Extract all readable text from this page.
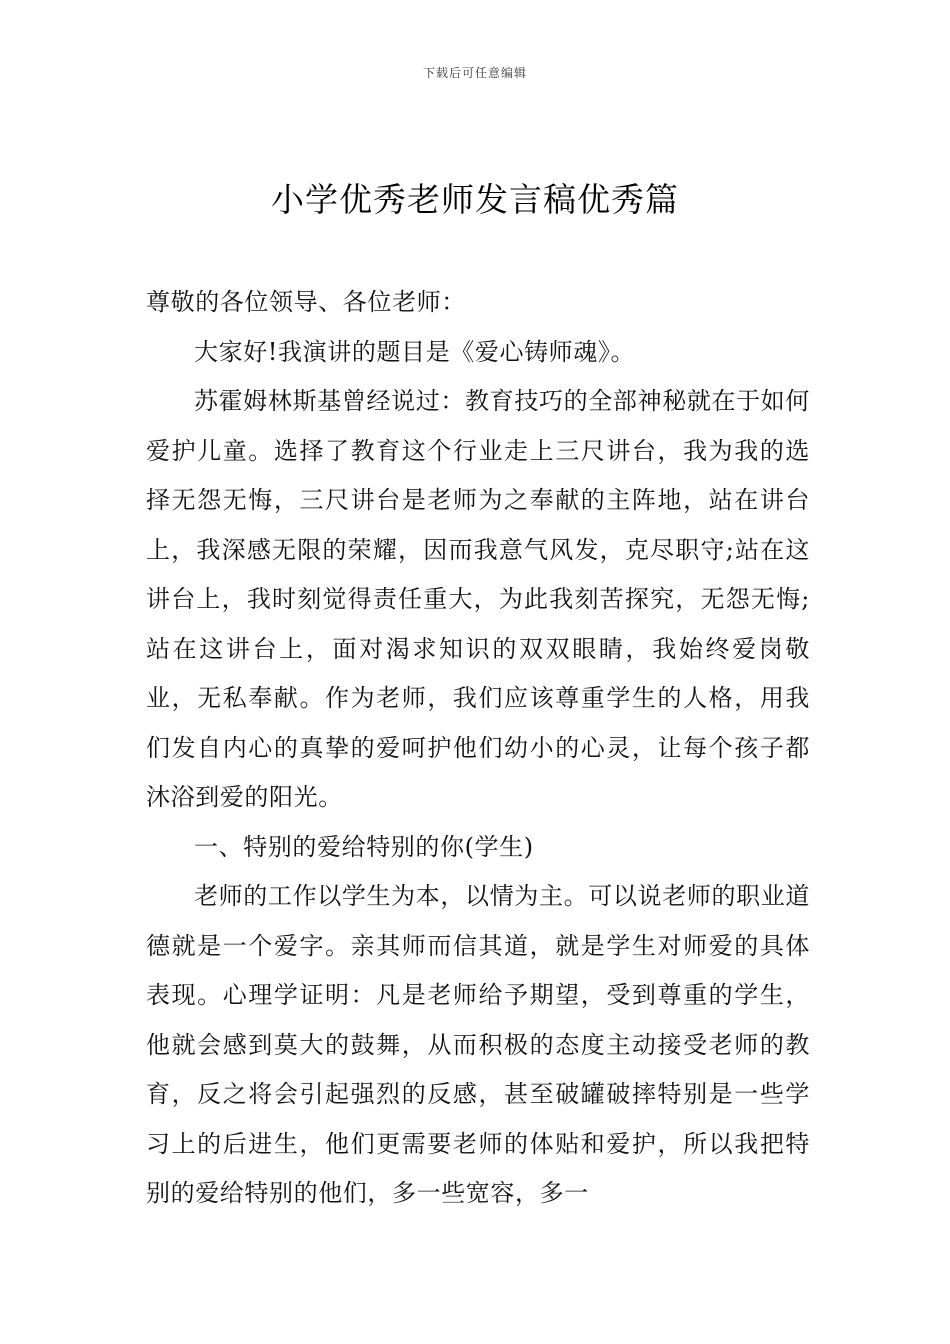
下载后可任意编辑
小学优秀老师发言稿优秀篇

尊敬的各位领导、各位老师：

大家好!我演讲的题目是《爱心铸师魂》。

苏霍姆林斯基曾经说过：教育技巧的全部神秘就在于如何爱护儿童。选择了教育这个行业走上三尺讲台，我为我的选择无怨无悔，三尺讲台是老师为之奉献的主阵地，站在讲台上，我深感无限的荣耀，因而我意气风发，克尽职守;站在这讲台上，我时刻觉得责任重大，为此我刻苦探究，无怨无悔;站在这讲台上，面对渴求知识的双双眼睛，我始终爱岗敬业，无私奉献。作为老师，我们应该尊重学生的人格，用我们发自内心的真挚的爱呵护他们幼小的心灵，让每个孩子都沐浴到爱的阳光。

一、特别的爱给特别的你(学生)

老师的工作以学生为本，以情为主。可以说老师的职业道德就是一个爱字。亲其师而信其道，就是学生对师爱的具体表现。心理学证明：凡是老师给予期望，受到尊重的学生，他就会感到莫大的鼓舞，从而积极的态度主动接受老师的教育，反之将会引起强烈的反感，甚至破罐破摔特别是一些学习上的后进生，他们更需要老师的体贴和爱护，所以我把特别的爱给特别的他们，多一些宽容，多一
